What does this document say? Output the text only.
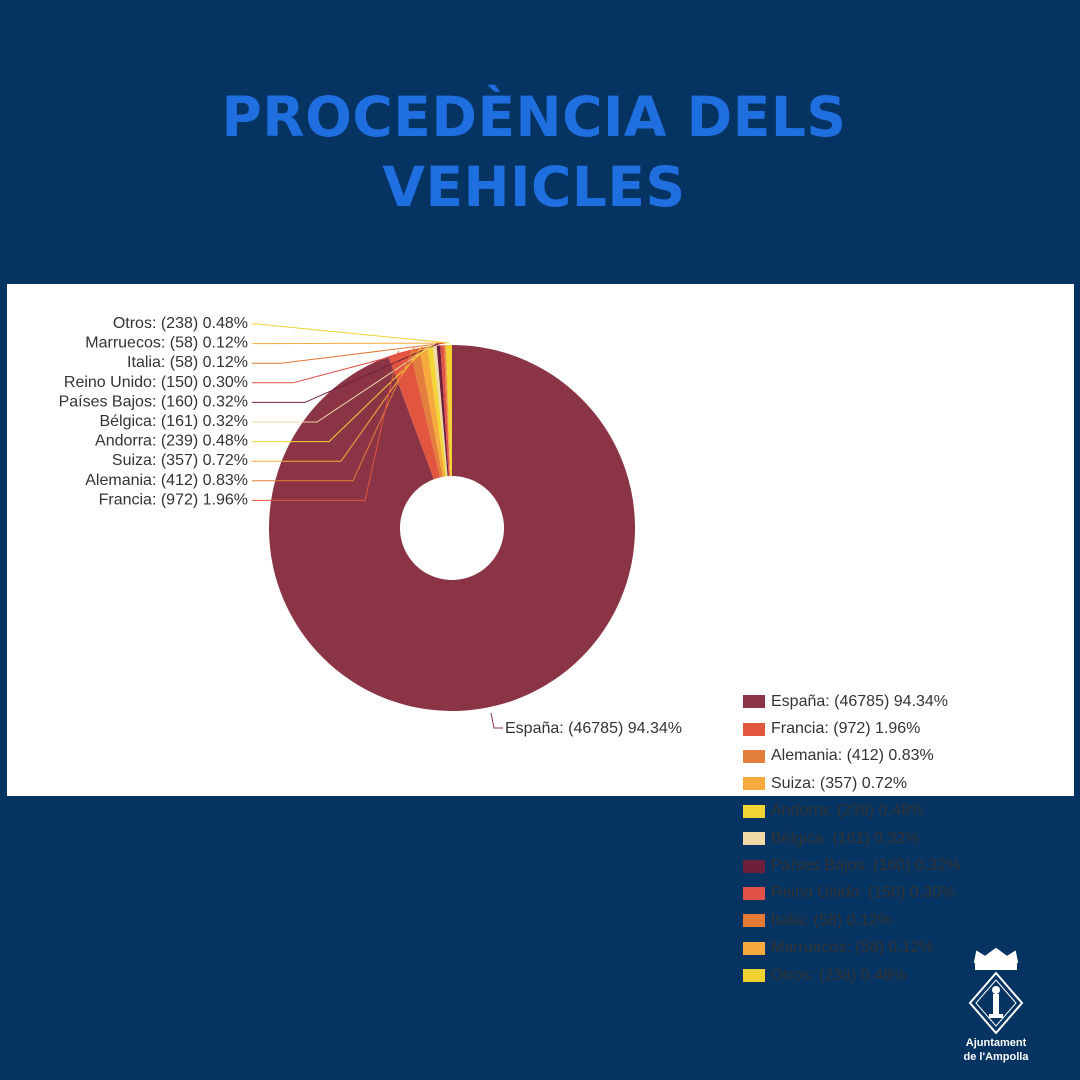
PROCEDÈNCIA DELS
VEHICLES
España: (46785) 94.34%
Otros: (238) 0.48%
Marruecos: (58) 0.12%
Italia: (58) 0.12%
Reino Unido: (150) 0.30%
Países Bajos: (160) 0.32%
Bélgica: (161) 0.32%
Andorra: (239) 0.48%
Suiza: (357) 0.72%
Alemania: (412) 0.83%
Francia: (972) 1.96%
España: (46785) 94.34%
Francia: (972) 1.96%
Alemania: (412) 0.83%
Suiza: (357) 0.72%
Andorra: (239) 0.48%
Bélgica: (161) 0.32%
Países Bajos: (160) 0.32%
Reino Unido: (150) 0.30%
Italia: (58) 0.12%
Marruecos: (58) 0.12%
Otros: (238) 0.48%
Ajuntament
de l'Ampolla
